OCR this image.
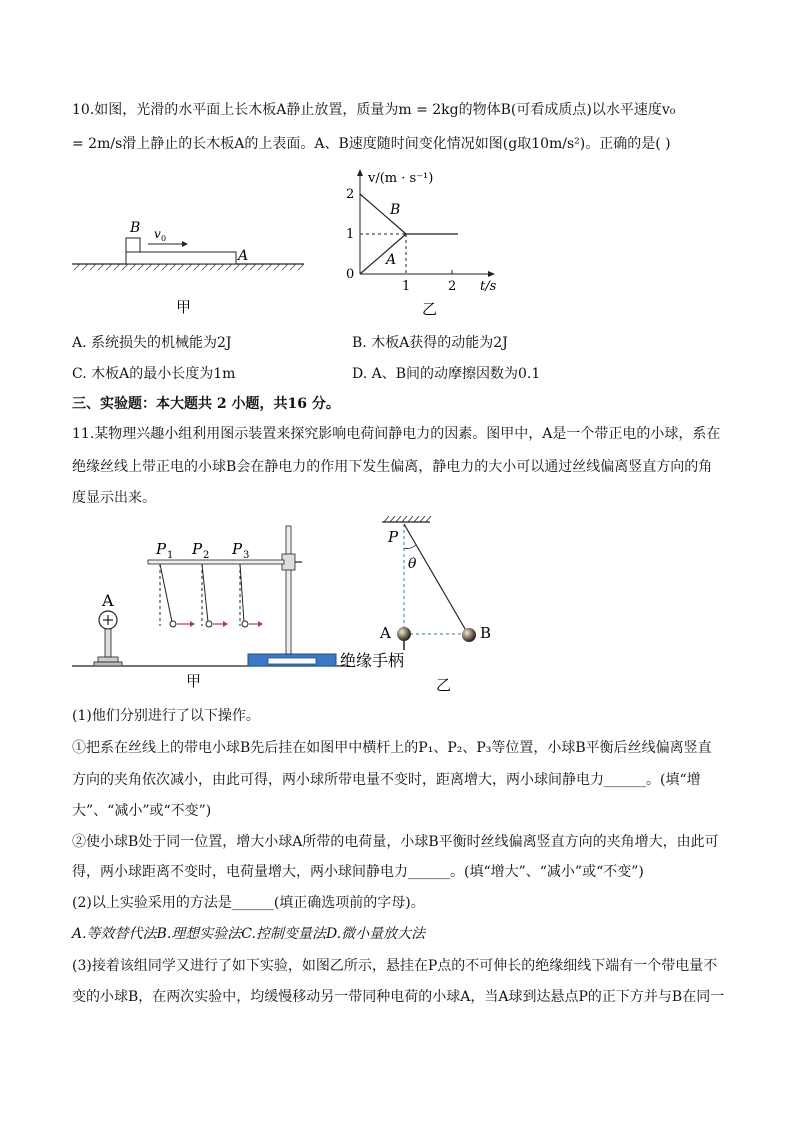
10.如图，光滑的水平面上长木板A静止放置，质量为m = 2kg的物体B(可看成质点)以水平速度v₀
= 2m/s滑上静止的长木板A的上表面。A、B速度随时间变化情况如图(g取10m/s²)。正确的是( )
B v 0
A
甲
v/(m · s⁻¹)
t/s
2
1
0
1	2
B
A
乙
A. 系统损失的机械能为2J	B. 木板A获得的动能为2J
C. 木板A的最小长度为1m	D. A、B间的动摩擦因数为0.1
三、实验题：本大题共 2 小题，共16 分。
11.某物理兴趣小组利用图示装置来探究影响电荷间静电力的因素。图甲中，A是一个带正电的小球，系在
绝缘丝线上带正电的小球B会在静电力的作用下发生偏离，静电力的大小可以通过丝线偏离竖直方向的角
度显示出来。
A
P 1 P 2 P 3
甲
P
θ
A	B
绝缘手柄
乙
(1)他们分别进行了以下操作。
①把系在丝线上的带电小球B先后挂在如图甲中横杆上的P₁、P₂、P₃等位置，小球B平衡后丝线偏离竖直
方向的夹角依次减小，由此可得，两小球所带电量不变时，距离增大，两小球间静电力______。(填“增
大”、“减小”或“不变”)
②使小球B处于同一位置，增大小球A所带的电荷量，小球B平衡时丝线偏离竖直方向的夹角增大，由此可
得，两小球距离不变时，电荷量增大，两小球间静电力______。(填“增大”、“减小”或“不变”)
(2)以上实验采用的方法是______(填正确选项前的字母)。
A.等效替代法B.理想实验法C.控制变量法D.微小量放大法
(3)接着该组同学又进行了如下实验，如图乙所示，悬挂在P点的不可伸长的绝缘细线下端有一个带电量不
变的小球B，在两次实验中，均缓慢移动另一带同种电荷的小球A，当A球到达悬点P的正下方并与B在同一
